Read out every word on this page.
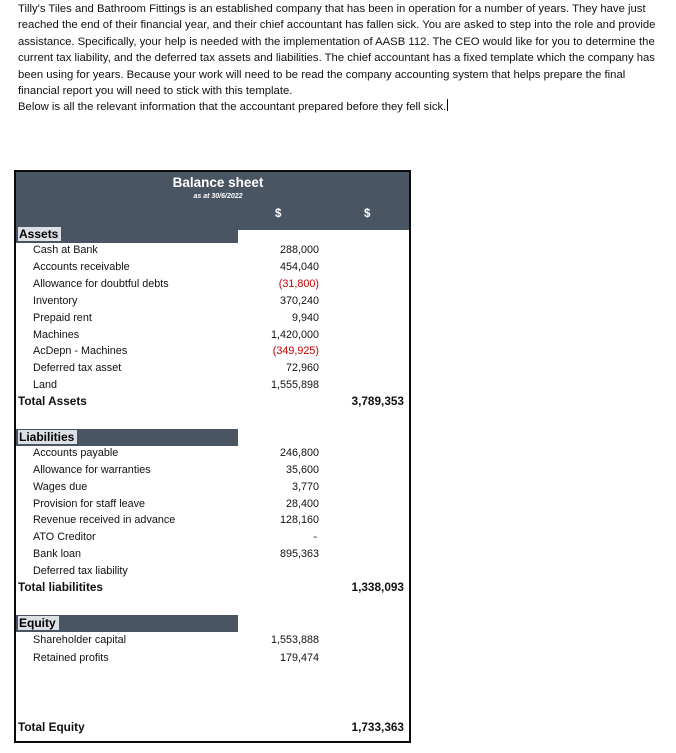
Tilly's Tiles and Bathroom Fittings is an established company that has been in operation for a number of years. They have just reached the end of their financial year, and their chief accountant has fallen sick. You are asked to step into the role and provide assistance. Specifically, your help is needed with the implementation of AASB 112. The CEO would like for you to determine the current tax liability, and the deferred tax assets and liabilities. The chief accountant has a fixed template which the company has been using for years. Because your work will need to be read the company accounting system that helps prepare the final financial report you will need to stick with this template.

Below is all the relevant information that the accountant prepared before they fell sick.

Balance sheet
as at 30/6/2022
$	$
Assets
Cash at Bank	288,000
Accounts receivable	454,040
Allowance for doubtful debts	(31,800)
Inventory	370,240
Prepaid rent	9,940
Machines	1,420,000
AcDepn - Machines	(349,925)
Deferred tax asset	72,960
Land	1,555,898
Total Assets	3,789,353
Liabilities
Accounts payable	246,800
Allowance for warranties	35,600
Wages due	3,770
Provision for staff leave	28,400
Revenue received in advance	128,160
ATO Creditor	-
Bank loan	895,363
Deferred tax liability
Total liabilitites	1,338,093
Equity
Shareholder capital	1,553,888
Retained profits	179,474
Total Equity	1,733,363
